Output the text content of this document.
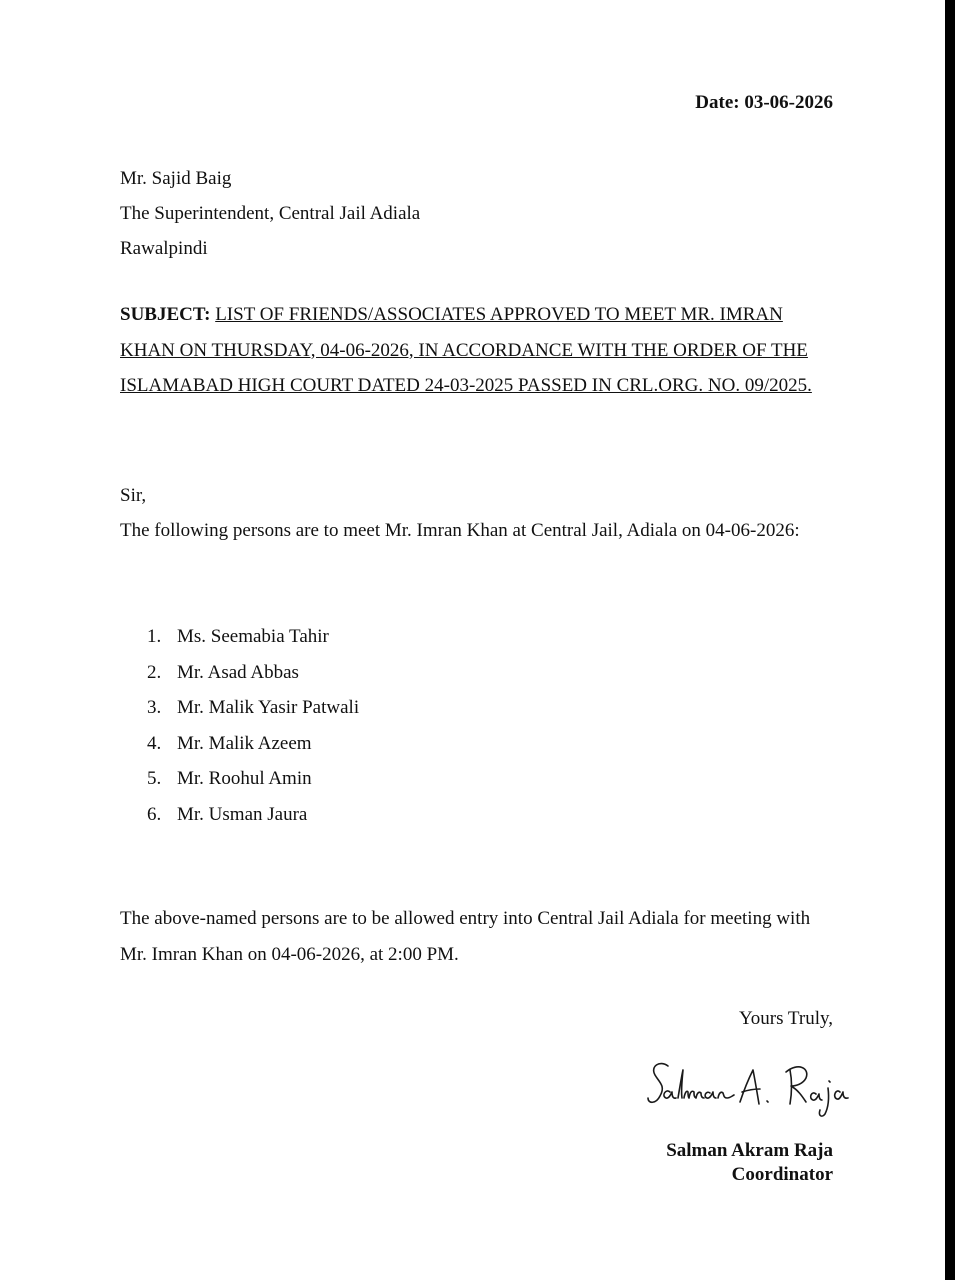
Date: 03-06-2026
Mr. Sajid Baig
The Superintendent, Central Jail Adiala
Rawalpindi
SUBJECT: LIST OF FRIENDS/ASSOCIATES APPROVED TO MEET MR. IMRAN KHAN ON THURSDAY, 04-06-2026, IN ACCORDANCE WITH THE ORDER OF THE ISLAMABAD HIGH COURT DATED 24-03-2025 PASSED IN CRL.ORG. NO. 09/2025.
Sir,
The following persons are to meet Mr. Imran Khan at Central Jail, Adiala on 04-06-2026:
1. Ms. Seemabia Tahir
2. Mr. Asad Abbas
3. Mr. Malik Yasir Patwali
4. Mr. Malik Azeem
5. Mr. Roohul Amin
6. Mr. Usman Jaura
The above-named persons are to be allowed entry into Central Jail Adiala for meeting with Mr. Imran Khan on 04-06-2026, at 2:00 PM.
Yours Truly,
Salman Akram Raja
Coordinator
